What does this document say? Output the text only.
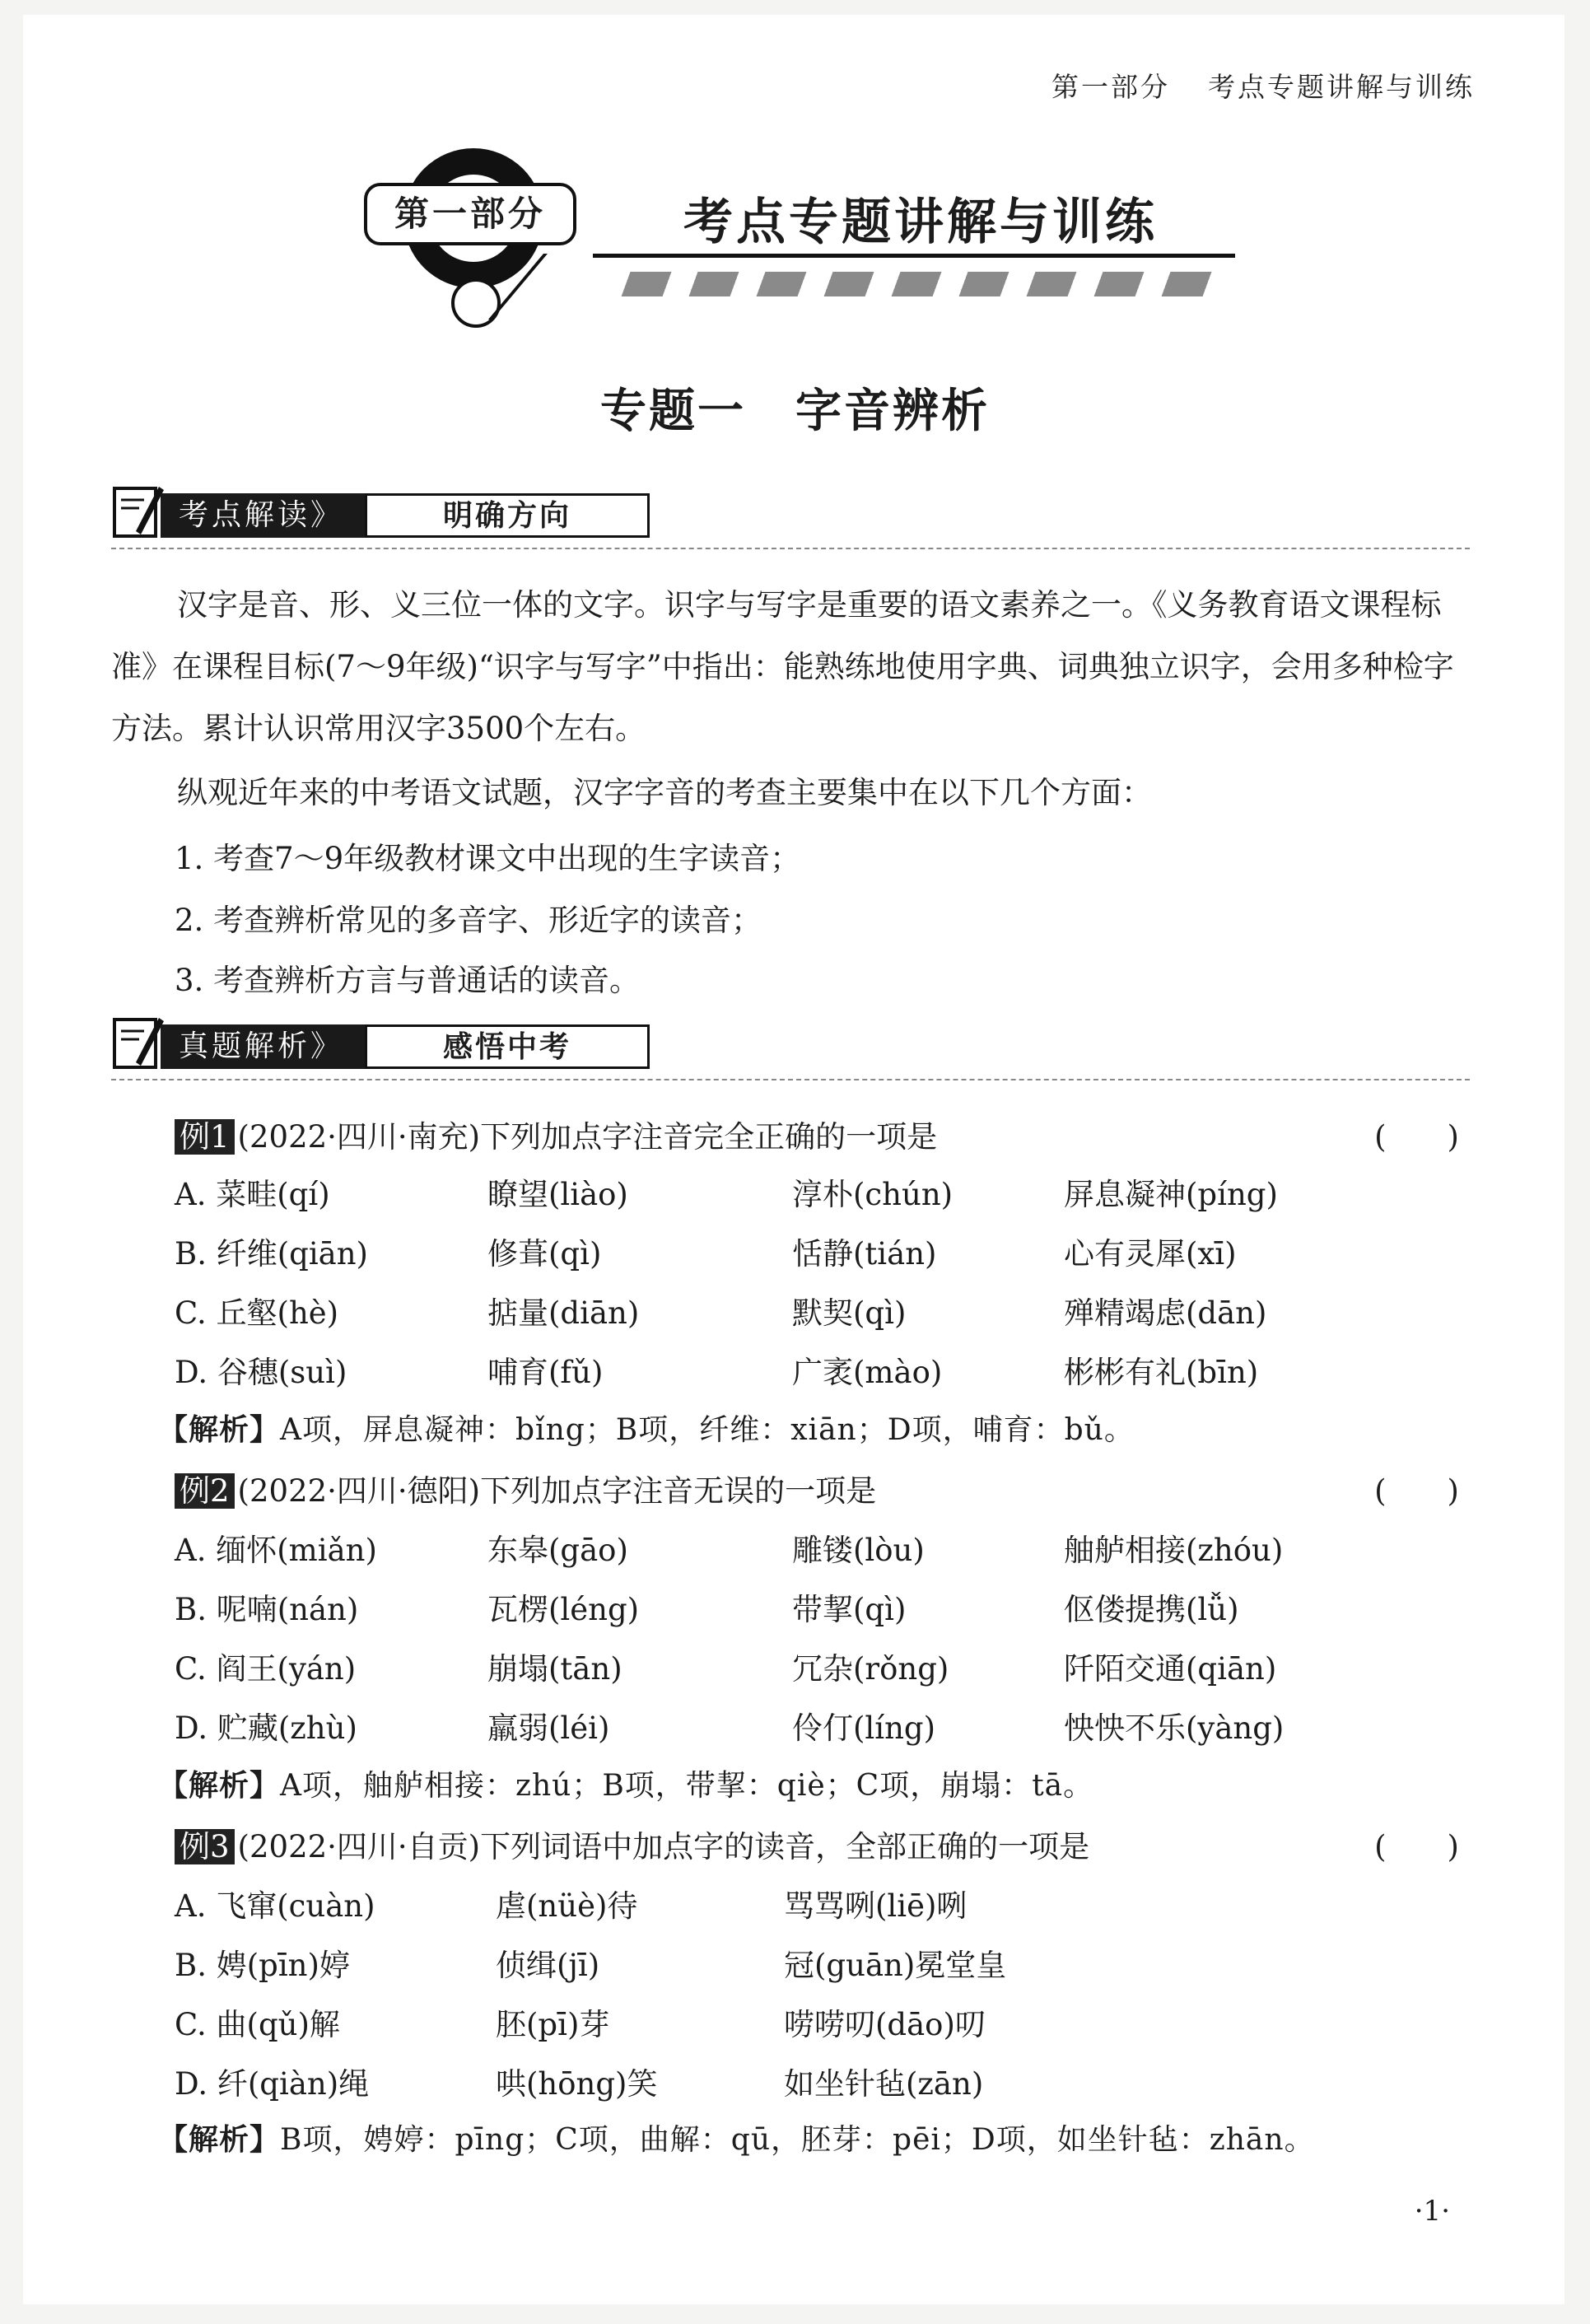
第一部分 考点专题讲解与训练
第一部分	考点专题讲解与训练
专题一 字音辨析
考点解读》	明确方向

汉字是音、形、义三位一体的文字。识字与写字是重要的语文素养之一。《义务教育语文课程标准》在课程目标(7～9年级)“识字与写字”中指出：能熟练地使用字典、词典独立识字，会用多种检字方法。累计认识常用汉字3500个左右。

纵观近年来的中考语文试题，汉字字音的考查主要集中在以下几个方面：

1. 考查7～9年级教材课文中出现的生字读音；
2. 考查辨析常见的多音字、形近字的读音；
3. 考查辨析方言与普通话的读音。
真题解析》	感悟中考
例1 (2022·四川·南充)下列加点字注音完全正确的一项是	(　　)
A. 菜畦(qí)	瞭望(liào)	淳朴(chún)	屏息凝神(píng)
B. 纤维(qiān)	修葺(qì)	恬静(tián)	心有灵犀(xī)
C. 丘壑(hè)	掂量(diān)	默契(qì)	殚精竭虑(dān)
D. 谷穗(suì)	哺育(fǔ)	广袤(mào)	彬彬有礼(bīn)
【解析】A项，屏息凝神：bǐng；B项，纤维：xiān；D项，哺育：bǔ。
例2 (2022·四川·德阳)下列加点字注音无误的一项是	(　　)
A. 缅怀(miǎn)	东皋(gāo)	雕镂(lòu)	舳舻相接(zhóu)
B. 呢喃(nán)	瓦楞(léng)	带挈(qì)	伛偻提携(lǚ)
C. 阎王(yán)	崩塌(tān)	冗杂(rǒng)	阡陌交通(qiān)
D. 贮藏(zhù)	羸弱(léi)	伶仃(líng)	怏怏不乐(yàng)
【解析】A项，舳舻相接：zhú；B项，带挈：qiè；C项，崩塌：tā。
例3 (2022·四川·自贡)下列词语中加点字的读音，全部正确的一项是	(　　)
A. 飞窜(cuàn)	虐(nüè)待	骂骂咧(liē)咧
B. 娉(pīn)婷	侦缉(jī)	冠(guān)冕堂皇
C. 曲(qǔ)解	胚(pī)芽	唠唠叨(dāo)叨
D. 纤(qiàn)绳	哄(hōng)笑	如坐针毡(zān)
【解析】B项，娉婷：pīng；C项，曲解：qū，胚芽：pēi；D项，如坐针毡：zhān。
·1·
